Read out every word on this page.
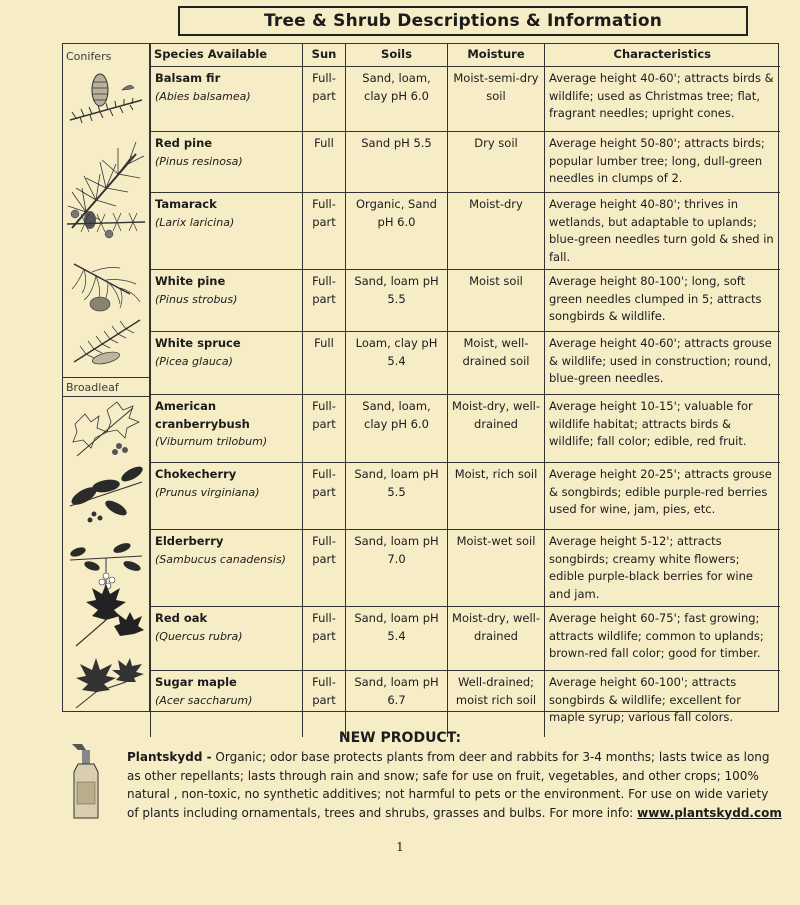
Tree & Shrub Descriptions & Information
Conifers
Broadleaf
Species Available	Sun	Soils	Moisture	Characteristics

Balsam fir
(Abies balsamea)	Full-part	Sand, loam, clay pH 6.0	Moist-semi-dry soil	Average height 40-60'; attracts birds & wildlife; used as Christmas tree; flat, fragrant needles; upright cones.

Red pine
(Pinus resinosa)	Full	Sand pH 5.5	Dry soil	Average height 50-80'; attracts birds; popular lumber tree; long, dull-green needles in clumps of 2.

Tamarack
(Larix laricina)	Full-part	Organic, Sand pH 6.0	Moist-dry	Average height 40-80'; thrives in wetlands, but adaptable to uplands; blue-green needles turn gold & shed in fall.

White pine
(Pinus strobus)	Full-part	Sand, loam pH 5.5	Moist soil	Average height 80-100'; long, soft green needles clumped in 5; attracts songbirds & wildlife.

White spruce
(Picea glauca)	Full	Loam, clay pH 5.4	Moist, well-drained soil	Average height 40-60'; attracts grouse & wildlife; used in construction; round, blue-green needles.

American cranberrybush
(Viburnum trilobum)	Full-part	Sand, loam, clay pH 6.0	Moist-dry, well-drained	Average height 10-15'; valuable for wildlife habitat; attracts birds & wildlife; fall color; edible, red fruit.

Chokecherry
(Prunus virginiana)	Full-part	Sand, loam pH 5.5	Moist, rich soil	Average height 20-25'; attracts grouse & songbirds; edible purple-red berries used for wine, jam, pies, etc.

Elderberry
(Sambucus canadensis)	Full-part	Sand, loam pH 7.0	Moist-wet soil	Average height 5-12'; attracts songbirds; creamy white flowers; edible purple-black berries for wine and jam.

Red oak
(Quercus rubra)	Full-part	Sand, loam pH 5.4	Moist-dry, well-drained	Average height 60-75'; fast growing; attracts wildlife; common to uplands; brown-red fall color; good for timber.

Sugar maple
(Acer saccharum)	Full-part	Sand, loam pH 6.7	Well-drained; moist rich soil	Average height 60-100'; attracts songbirds & wildlife; excellent for maple syrup; various fall colors.
NEW PRODUCT:
Plantskydd - Organic; odor base protects plants from deer and rabbits for 3-4 months; lasts twice as long as other repellants; lasts through rain and snow; safe for use on fruit, vegetables, and other crops; 100% natural , non-toxic, no synthetic additives; not harmful to pets or the environment. For use on wide variety of plants including ornamentals, trees and shrubs, grasses and bulbs. For more info: www.plantskydd.com
1
